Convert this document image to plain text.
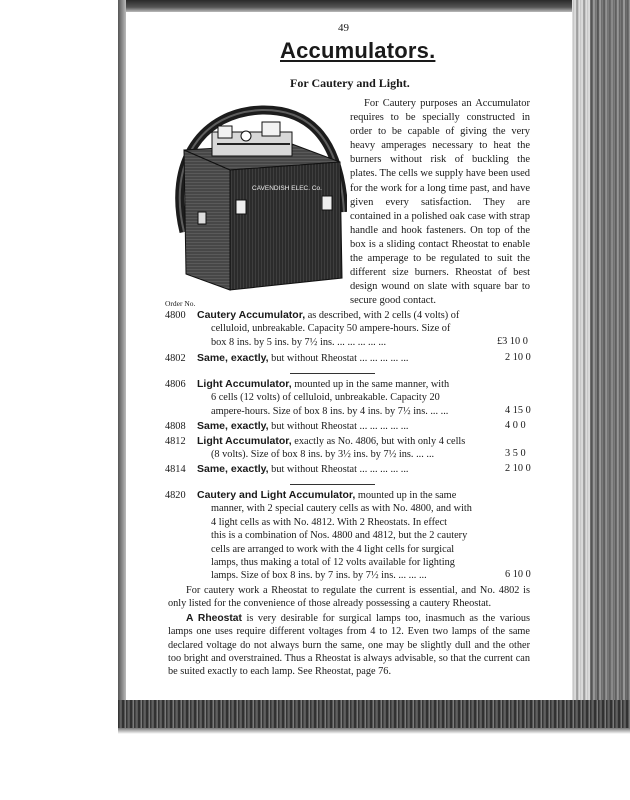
49
Accumulators.
For Cautery and Light.
CAVENDISH ELEC. Co.

For Cautery purposes an Accumulator requires to be specially constructed in order to be capable of giving the very heavy amperages necessary to heat the burners without risk of buckling the plates. The cells we supply have been used for the work for a long time past, and have given every satisfaction. They are contained in a polished oak case with strap handle and hook fasteners. On top of the box is a sliding contact Rheostat to enable the amperage to be regulated to suit the different size burners. Rheostat of best design wound on slate with square bar to secure good contact.

Order No.
4800	Cautery Accumulator, as described, with 2 cells (4 volts) of
celluloid, unbreakable. Capacity 50 ampere-hours. Size of
box 8 ins. by 5 ins. by 7½ ins. ... ... ... ... ...	£3 10 0
4802	Same, exactly, but without Rheostat ... ... ... ... ...	2 10 0
4806	Light Accumulator, mounted up in the same manner, with
6 cells (12 volts) of celluloid, unbreakable. Capacity 20
ampere-hours. Size of box 8 ins. by 4 ins. by 7½ ins. ... ...	4 15 0
4808	Same, exactly, but without Rheostat ... ... ... ... ...	4 0 0
4812	Light Accumulator, exactly as No. 4806, but with only 4 cells
(8 volts). Size of box 8 ins. by 3½ ins. by 7½ ins. ... ...	3 5 0
4814	Same, exactly, but without Rheostat ... ... ... ... ...	2 10 0
4820	Cautery and Light Accumulator, mounted up in the same
manner, with 2 special cautery cells as with No. 4800, and with
4 light cells as with No. 4812. With 2 Rheostats. In effect
this is a combination of Nos. 4800 and 4812, but the 2 cautery
cells are arranged to work with the 4 light cells for surgical
lamps, thus making a total of 12 volts available for lighting
lamps. Size of box 8 ins. by 7 ins. by 7½ ins. ... ... ...	6 10 0

For cautery work a Rheostat to regulate the current is essential, and No. 4802 is only listed for the convenience of those already possessing a cautery Rheostat.

A Rheostat is very desirable for surgical lamps too, inasmuch as the various lamps one uses require different voltages from 4 to 12. Even two lamps of the same declared voltage do not always burn the same, one may be slightly dull and the other too bright and overstrained. Thus a Rheostat is always advisable, so that the current can be suited exactly to each lamp. See Rheostat, page 76.
